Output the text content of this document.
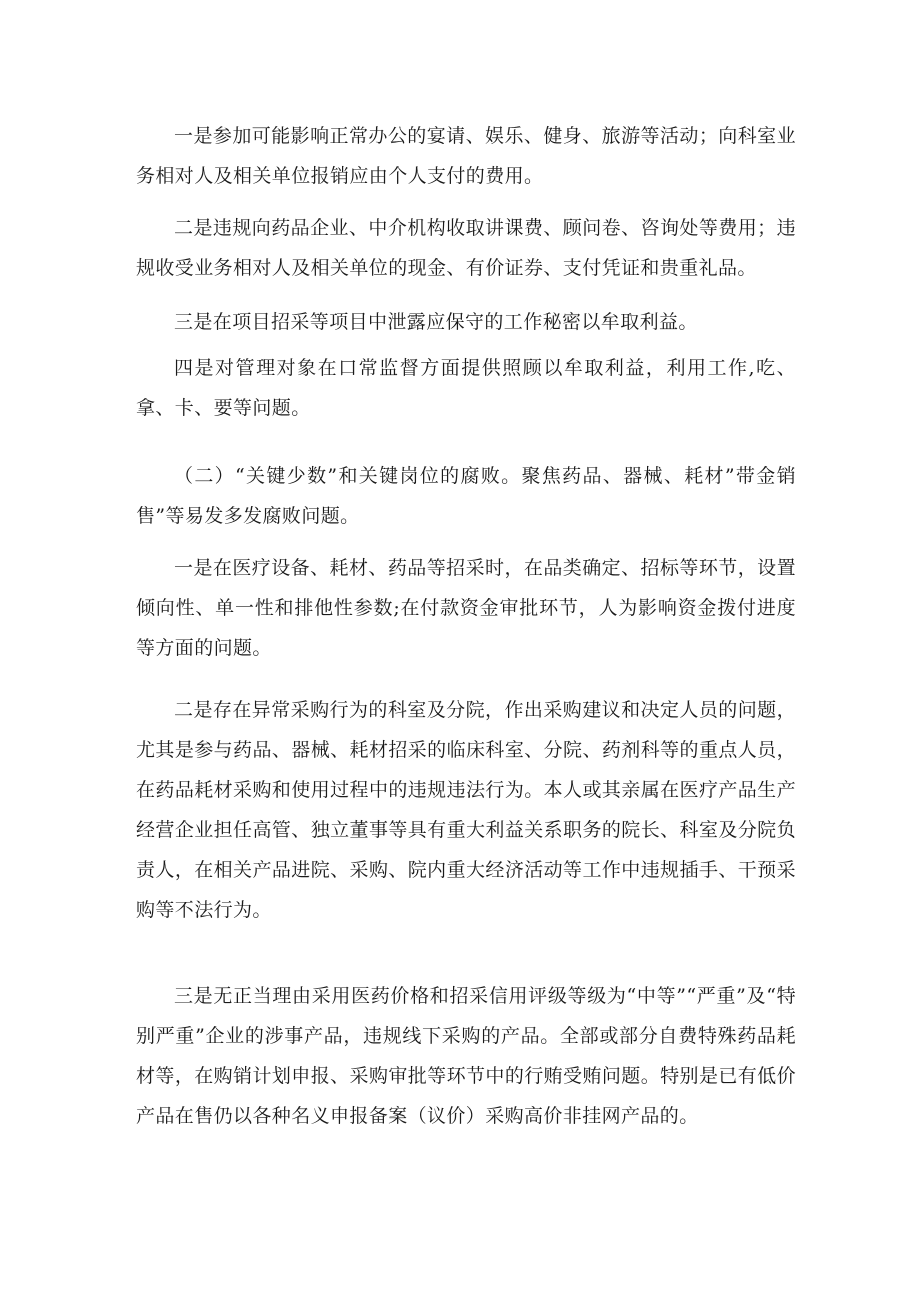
一是参加可能影响正常办公的宴请、娱乐、健身、旅游等活动；向科室业务相对人及相关单位报销应由个人支付的费用。

二是违规向药品企业、中介机构收取讲课费、顾问卷、咨询处等费用；违规收受业务相对人及相关单位的现金、有价证券、支付凭证和贵重礼品。

三是在项目招采等项目中泄露应保守的工作秘密以牟取利益。

四是对管理对象在口常监督方面提供照顾以牟取利益，利用工作,吃、拿、卡、要等问题。

（二）“关键少数”和关键岗位的腐败。聚焦药品、器械、耗材”带金销售”等易发多发腐败问题。

一是在医疗设备、耗材、药品等招采时，在品类确定、招标等环节，设置倾向性、单一性和排他性参数;在付款资金审批环节，人为影响资金拨付进度等方面的问题。

二是存在异常采购行为的科室及分院，作出采购建议和决定人员的问题，尤其是参与药品、器械、耗材招采的临床科室、分院、药剂科等的重点人员，在药品耗材采购和使用过程中的违规违法行为。本人或其亲属在医疗产品生产经营企业担任高管、独立董事等具有重大利益关系职务的院长、科室及分院负责人，在相关产品进院、采购、院内重大经济活动等工作中违规插手、干预采购等不法行为。

三是无正当理由采用医药价格和招采信用评级等级为“中等”“严重”及“特别严重”企业的涉事产品，违规线下采购的产品。全部或部分自费特殊药品耗材等，在购销计划申报、采购审批等环节中的行贿受贿问题。特别是已有低价产品在售仍以各种名义申报备案（议价）采购高价非挂网产品的。
